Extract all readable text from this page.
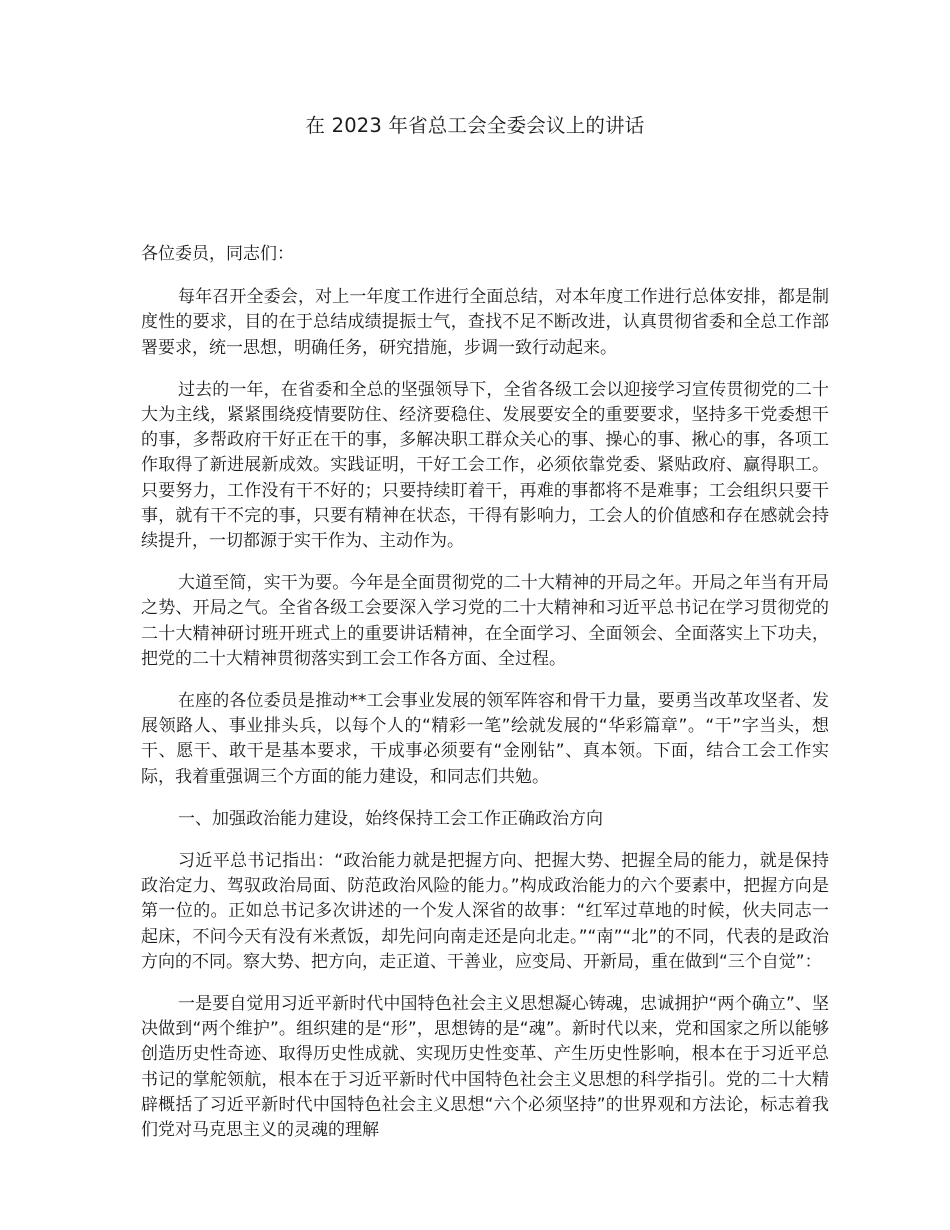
在 2023 年省总工会全委会议上的讲话

各位委员，同志们：

每年召开全委会，对上一年度工作进行全面总结，对本年度工作进行总体安排，都是制度性的要求，目的在于总结成绩提振士气，查找不足不断改进，认真贯彻省委和全总工作部署要求，统一思想，明确任务，研究措施，步调一致行动起来。

过去的一年，在省委和全总的坚强领导下，全省各级工会以迎接学习宣传贯彻党的二十大为主线，紧紧围绕疫情要防住、经济要稳住、发展要安全的重要要求，坚持多干党委想干的事，多帮政府干好正在干的事，多解决职工群众关心的事、操心的事、揪心的事，各项工作取得了新进展新成效。实践证明，干好工会工作，必须依靠党委、紧贴政府、赢得职工。只要努力，工作没有干不好的；只要持续盯着干，再难的事都将不是难事；工会组织只要干事，就有干不完的事，只要有精神在状态，干得有影响力，工会人的价值感和存在感就会持续提升，一切都源于实干作为、主动作为。

大道至简，实干为要。今年是全面贯彻党的二十大精神的开局之年。开局之年当有开局之势、开局之气。全省各级工会要深入学习党的二十大精神和习近平总书记在学习贯彻党的二十大精神研讨班开班式上的重要讲话精神，在全面学习、全面领会、全面落实上下功夫，把党的二十大精神贯彻落实到工会工作各方面、全过程。

在座的各位委员是推动**工会事业发展的领军阵容和骨干力量，要勇当改革攻坚者、发展领路人、事业排头兵，以每个人的“精彩一笔”绘就发展的“华彩篇章”。“干”字当头，想干、愿干、敢干是基本要求，干成事必须要有“金刚钻”、真本领。下面，结合工会工作实际，我着重强调三个方面的能力建设，和同志们共勉。

一、加强政治能力建设，始终保持工会工作正确政治方向

习近平总书记指出：“政治能力就是把握方向、把握大势、把握全局的能力，就是保持政治定力、驾驭政治局面、防范政治风险的能力。”构成政治能力的六个要素中，把握方向是第一位的。正如总书记多次讲述的一个发人深省的故事：“红军过草地的时候，伙夫同志一起床，不问今天有没有米煮饭，却先问向南走还是向北走。”“南”“北”的不同，代表的是政治方向的不同。察大势、把方向，走正道、干善业，应变局、开新局，重在做到“三个自觉”：

一是要自觉用习近平新时代中国特色社会主义思想凝心铸魂，忠诚拥护“两个确立”、坚决做到“两个维护”。组织建的是“形”，思想铸的是“魂”。新时代以来，党和国家之所以能够创造历史性奇迹、取得历史性成就、实现历史性变革、产生历史性影响，根本在于习近平总书记的掌舵领航，根本在于习近平新时代中国特色社会主义思想的科学指引。党的二十大精辟概括了习近平新时代中国特色社会主义思想“六个必须坚持”的世界观和方法论，标志着我们党对马克思主义的灵魂的理解
